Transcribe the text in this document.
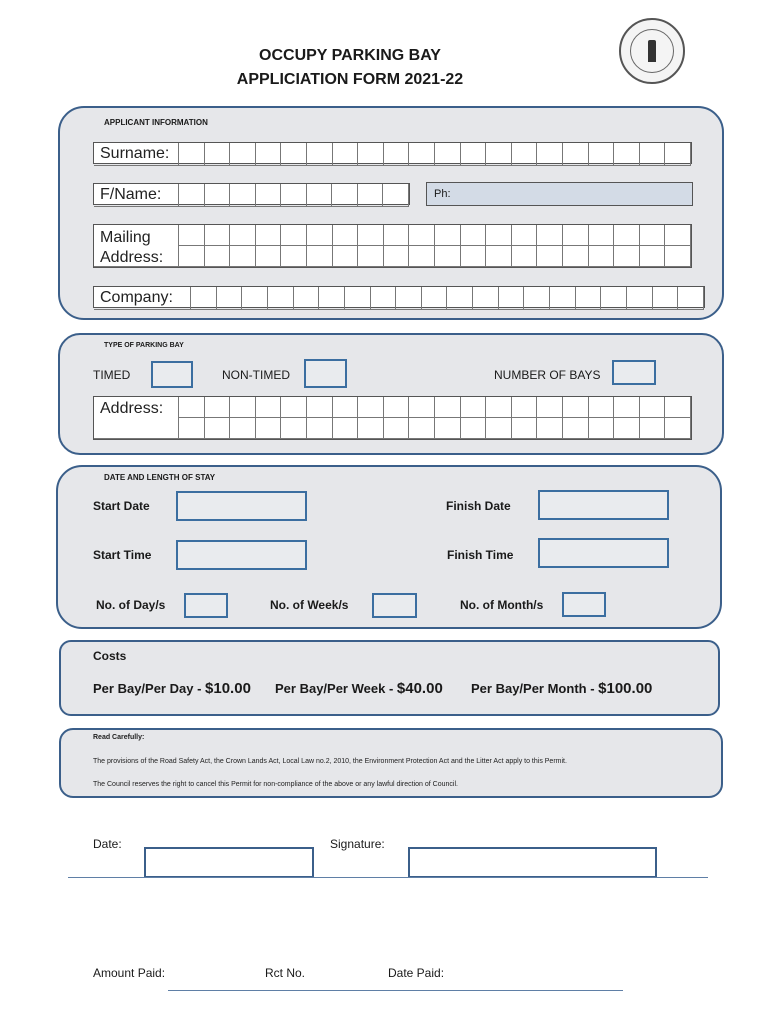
OCCUPY PARKING BAY
APPLICIATION FORM 2021-22
APPLICANT INFORMATION
Surname:
F/Name:	Ph:
Mailing
Address:
Company:
TYPE OF PARKING BAY
TIMED	NON-TIMED	NUMBER OF BAYS
Address:
DATE AND LENGTH OF STAY
Start Date	Finish Date
Start Time	Finish Time
No. of Day/s	No. of Week/s	No. of Month/s
Costs
Per Bay/Per Day - $10.00 Per Bay/Per Week - $40.00 Per Bay/Per Month - $100.00
Read Carefully:
The provisions of the Road Safety Act, the Crown Lands Act, Local Law no.2, 2010, the Environment Protection Act and the Litter Act apply to this Permit.
The Council reserves the right to cancel this Permit for non-compliance of the above or any lawful direction of Council.
Date:	Signature:
Amount Paid:	Rct No.	Date Paid:
